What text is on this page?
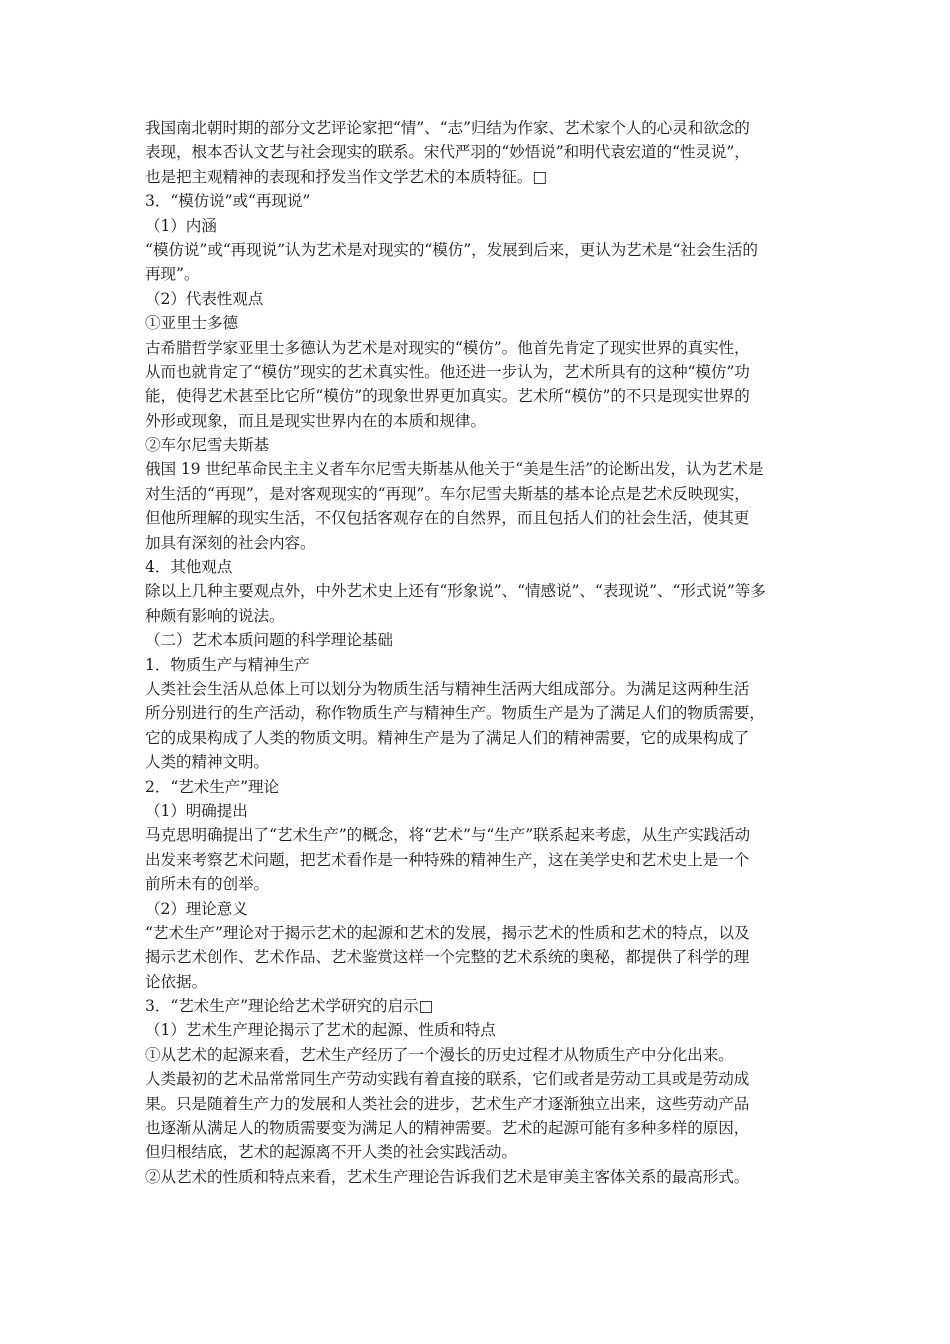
我国南北朝时期的部分文艺评论家把“情”、“志”归结为作家、艺术家个人的心灵和欲念的
表现，根本否认文艺与社会现实的联系。宋代严羽的“妙悟说”和明代袁宏道的“性灵说”，
也是把主观精神的表现和抒发当作文学艺术的本质特征。□
3．“模仿说”或“再现说”
（1）内涵
“模仿说”或“再现说”认为艺术是对现实的“模仿”，发展到后来，更认为艺术是“社会生活的
再现”。
（2）代表性观点
①亚里士多德
古希腊哲学家亚里士多德认为艺术是对现实的“模仿”。他首先肯定了现实世界的真实性，
从而也就肯定了“模仿”现实的艺术真实性。他还进一步认为，艺术所具有的这种“模仿”功
能，使得艺术甚至比它所“模仿”的现象世界更加真实。艺术所“模仿”的不只是现实世界的
外形或现象，而且是现实世界内在的本质和规律。
②车尔尼雪夫斯基
俄国 19 世纪革命民主主义者车尔尼雪夫斯基从他关于“美是生活”的论断出发，认为艺术是
对生活的“再现”，是对客观现实的“再现”。车尔尼雪夫斯基的基本论点是艺术反映现实，
但他所理解的现实生活，不仅包括客观存在的自然界，而且包括人们的社会生活，使其更
加具有深刻的社会内容。
4．其他观点
除以上几种主要观点外，中外艺术史上还有“形象说”、“情感说”、“表现说”、“形式说”等多
种颇有影响的说法。
（二）艺术本质问题的科学理论基础
1．物质生产与精神生产
人类社会生活从总体上可以划分为物质生活与精神生活两大组成部分。为满足这两种生活
所分别进行的生产活动，称作物质生产与精神生产。物质生产是为了满足人们的物质需要，
它的成果构成了人类的物质文明。精神生产是为了满足人们的精神需要，它的成果构成了
人类的精神文明。
2．“艺术生产”理论
（1）明确提出
马克思明确提出了“艺术生产”的概念，将“艺术”与“生产”联系起来考虑，从生产实践活动
出发来考察艺术问题，把艺术看作是一种特殊的精神生产，这在美学史和艺术史上是一个
前所未有的创举。
（2）理论意义
“艺术生产”理论对于揭示艺术的起源和艺术的发展，揭示艺术的性质和艺术的特点，以及
揭示艺术创作、艺术作品、艺术鉴赏这样一个完整的艺术系统的奥秘，都提供了科学的理
论依据。
3．“艺术生产”理论给艺术学研究的启示□
（1）艺术生产理论揭示了艺术的起源、性质和特点
①从艺术的起源来看，艺术生产经历了一个漫长的历史过程才从物质生产中分化出来。
人类最初的艺术品常常同生产劳动实践有着直接的联系，它们或者是劳动工具或是劳动成
果。只是随着生产力的发展和人类社会的进步，艺术生产才逐渐独立出来，这些劳动产品
也逐渐从满足人的物质需要变为满足人的精神需要。艺术的起源可能有多种多样的原因，
但归根结底，艺术的起源离不开人类的社会实践活动。
②从艺术的性质和特点来看，艺术生产理论告诉我们艺术是审美主客体关系的最高形式。
